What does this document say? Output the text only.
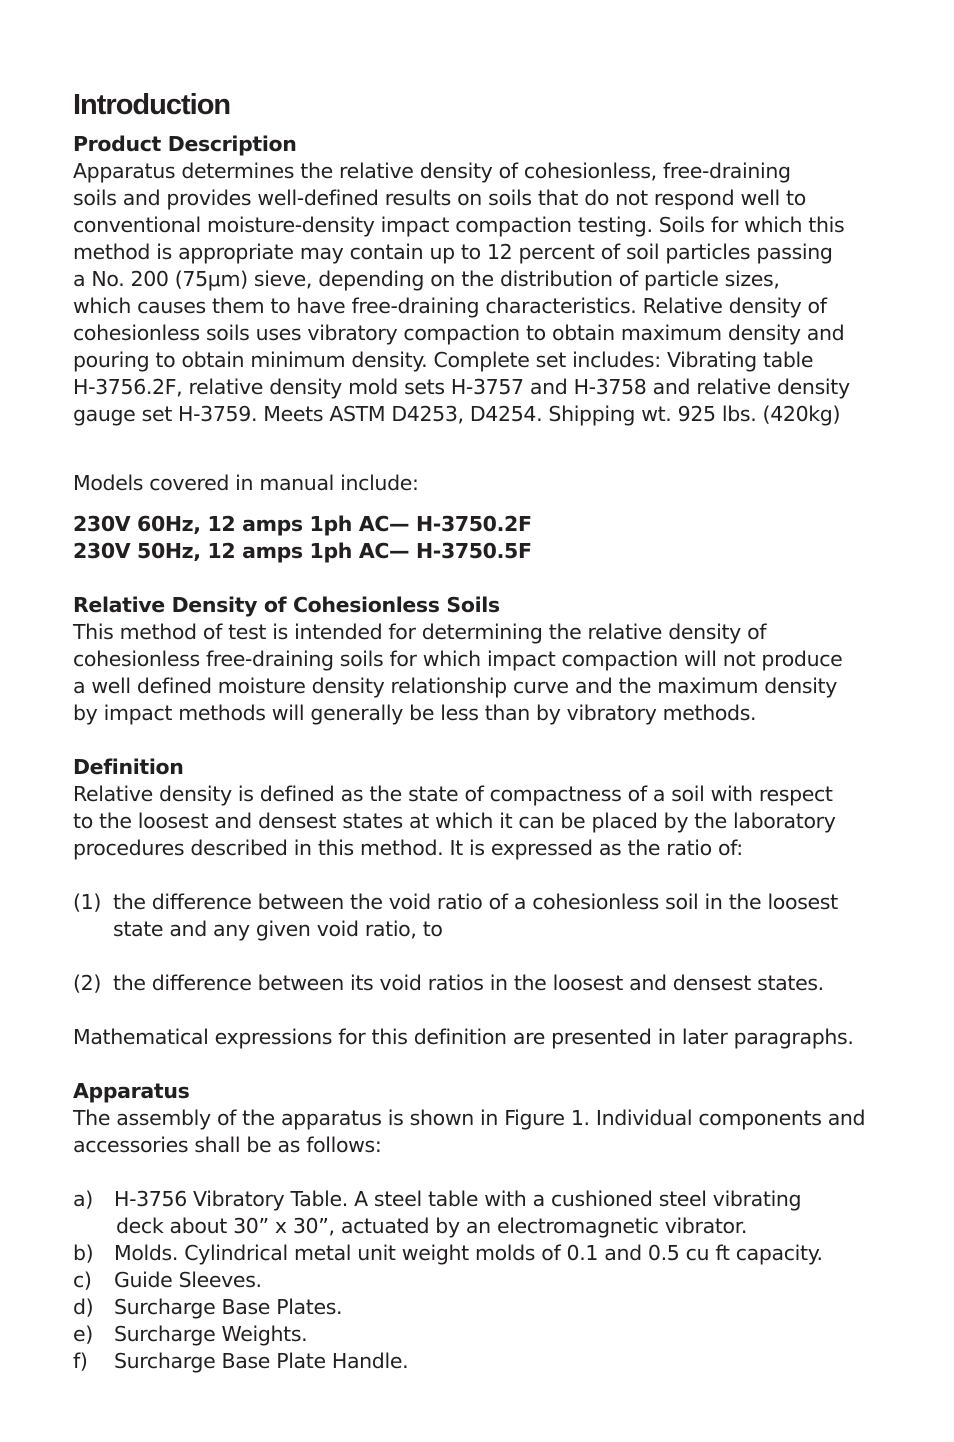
Introduction

Product Description

Apparatus determines the relative density of cohesionless, free-draining
soils and provides well-defined results on soils that do not respond well to
conventional moisture-density impact compaction testing. Soils for which this
method is appropriate may contain up to 12 percent of soil particles passing
a No. 200 (75μm) sieve, depending on the distribution of particle sizes,
which causes them to have free-draining characteristics. Relative density of
cohesionless soils uses vibratory compaction to obtain maximum density and
pouring to obtain minimum density. Complete set includes: Vibrating table
H-3756.2F, relative density mold sets H-3757 and H-3758 and relative density
gauge set H-3759. Meets ASTM D4253, D4254. Shipping wt. 925 lbs. (420kg)

Models covered in manual include:

230V 60Hz, 12 amps 1ph AC— H-3750.2F
230V 50Hz, 12 amps 1ph AC— H-3750.5F

Relative Density of Cohesionless Soils

This method of test is intended for determining the relative density of
cohesionless free-draining soils for which impact compaction will not produce
a well defined moisture density relationship curve and the maximum density
by impact methods will generally be less than by vibratory methods.

Definition

Relative density is defined as the state of compactness of a soil with respect
to the loosest and densest states at which it can be placed by the laboratory
procedures described in this method. It is expressed as the ratio of:
(1) the difference between the void ratio of a cohesionless soil in the loosest
state and any given void ratio, to
(2) the difference between its void ratios in the loosest and densest states.

Mathematical expressions for this definition are presented in later paragraphs.

Apparatus

The assembly of the apparatus is shown in Figure 1. Individual components and
accessories shall be as follows:
a)	H-3756 Vibratory Table. A steel table with a cushioned steel vibrating
deck about 30” x 30”, actuated by an electromagnetic vibrator.
b)	Molds. Cylindrical metal unit weight molds of 0.1 and 0.5 cu ft capacity.
c)	Guide Sleeves.
d)	Surcharge Base Plates.
e)	Surcharge Weights.
f)	Surcharge Base Plate Handle.
